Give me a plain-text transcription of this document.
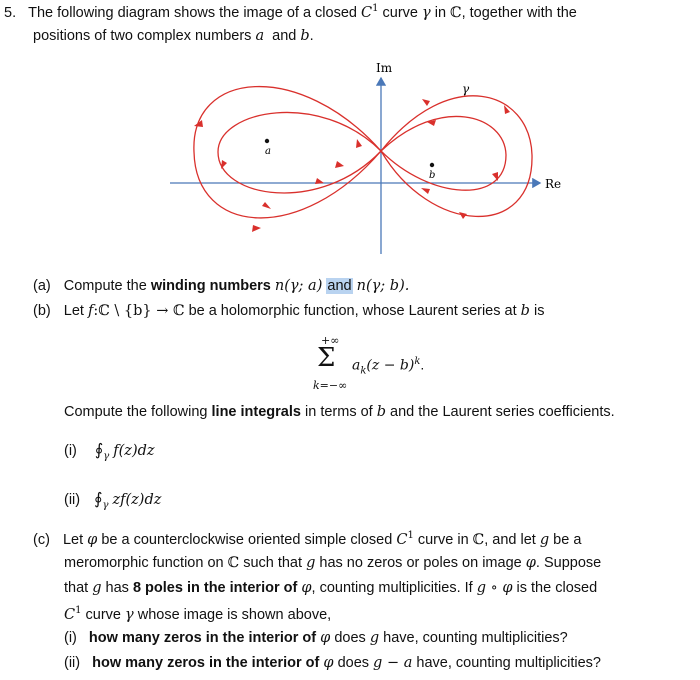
5. The following diagram shows the image of a closed $C^1$ curve γ in ℂ, together with the
positions of two complex numbers a and b.
Im
Re
γ
a
b
(a) Compute the winding numbers n(γ; a) and n(γ; b).
(b) Let f:ℂ \ {b} → ℂ be a holomorphic function, whose Laurent series at b is
+∞
Σ
k=−∞
$a_k(z - b)^k$.
Compute the following line integrals in terms of b and the Laurent series coefficients.
(i) $∮_\gamma$ f(z)dz
(ii) $∮_\gamma$ zf(z)dz
(c) Let φ be a counterclockwise oriented simple closed $C^1$ curve in ℂ, and let g be a
meromorphic function on ℂ such that g has no zeros or poles on image φ. Suppose
that g has 8 poles in the interior of φ, counting multiplicities. If g ∘ φ is the closed
$C^1$ curve γ whose image is shown above,
(i) how many zeros in the interior of φ does g have, counting multiplicities?
(ii) how many zeros in the interior of φ does g − a have, counting multiplicities?
